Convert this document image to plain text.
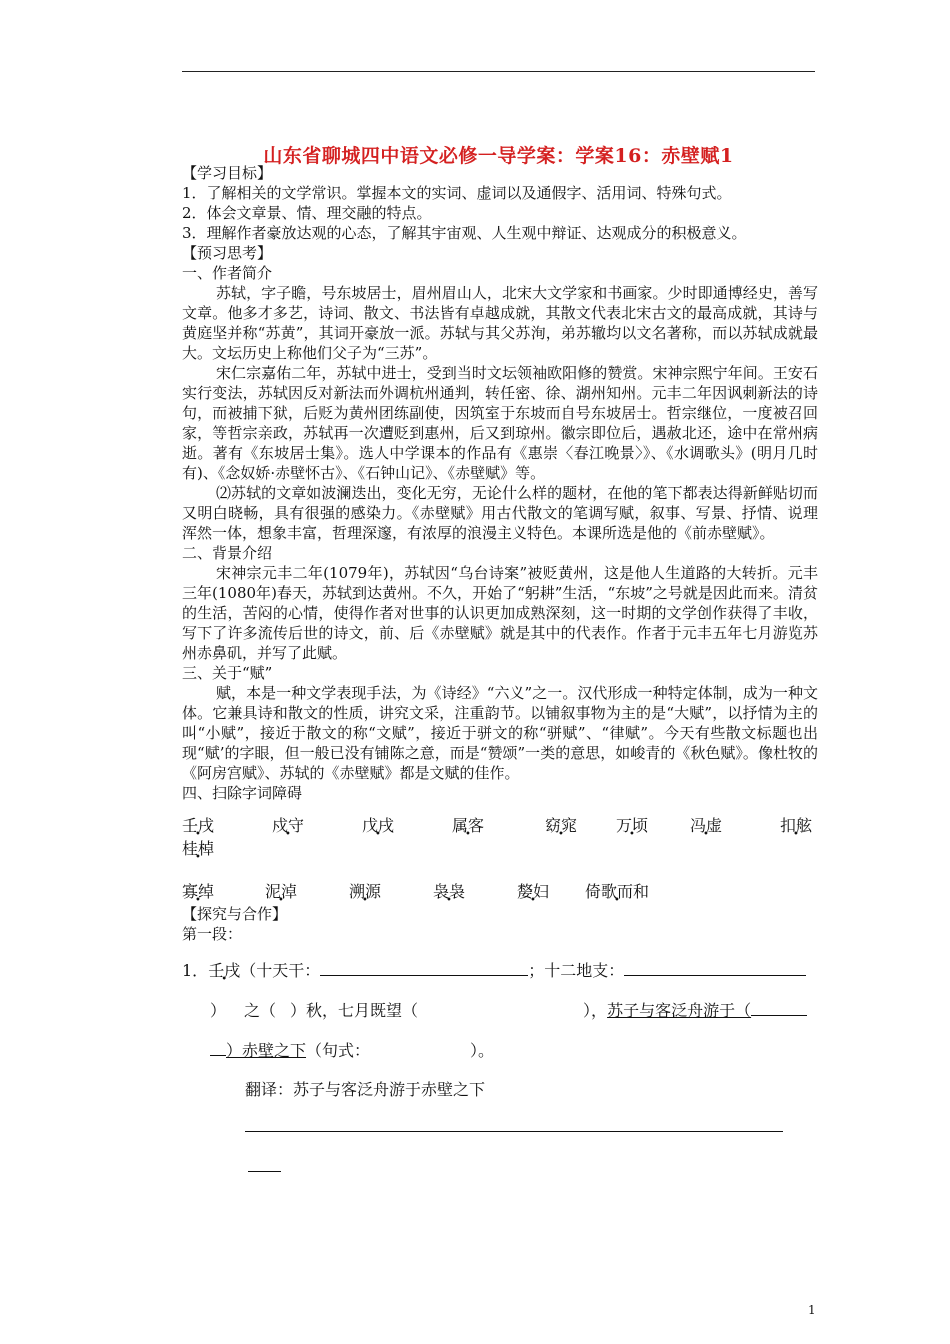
山东省聊城四中语文必修一导学案：学案16：赤壁赋1

【学习目标】

1．了解相关的文学常识。掌握本文的实词、虚词以及通假字、活用词、特殊句式。

2．体会文章景、情、理交融的特点。

3．理解作者豪放达观的心态，了解其宇宙观、人生观中辩证、达观成分的积极意义。

【预习思考】

一、作者简介

苏轼，字子瞻，号东坡居士，眉州眉山人，北宋大文学家和书画家。少时即通博经史，善写文章。他多才多艺，诗词、散文、书法皆有卓越成就，其散文代表北宋古文的最高成就，其诗与黄庭坚并称“苏黄”，其词开豪放一派。苏轼与其父苏洵，弟苏辙均以文名著称，而以苏轼成就最大。文坛历史上称他们父子为“三苏”。

宋仁宗嘉佑二年，苏轼中进士，受到当时文坛领袖欧阳修的赞赏。宋神宗熙宁年间。王安石实行变法，苏轼因反对新法而外调杭州通判，转任密、徐、湖州知州。元丰二年因讽刺新法的诗句，而被捕下狱，后贬为黄州团练副使，因筑室于东坡而自号东坡居士。哲宗继位，一度被召回家，等哲宗亲政，苏轼再一次遭贬到惠州，后又到琼州。徽宗即位后，遇赦北还，途中在常州病逝。著有《东坡居士集》。选人中学课本的作品有《惠崇〈春江晚景〉》、《水调歌头》(明月几时有)、《念奴娇·赤壁怀古》、《石钟山记》、《赤壁赋》等。

⑵苏轼的文章如波澜迭出，变化无穷，无论什么样的题材，在他的笔下都表达得新鲜贴切而又明白晓畅，具有很强的感染力。《赤壁赋》用古代散文的笔调写赋，叙事、写景、抒情、说理浑然一体，想象丰富，哲理深邃，有浓厚的浪漫主义特色。本课所选是他的《前赤壁赋》。

二、背景介绍

宋神宗元丰二年(1079年)，苏轼因“乌台诗案”被贬黄州，这是他人生道路的大转折。元丰三年(1080年)春天，苏轼到达黄州。不久，开始了“躬耕”生活，“东坡”之号就是因此而来。清贫的生活，苦闷的心情，使得作者对世事的认识更加成熟深刻，这一时期的文学创作获得了丰收，写下了许多流传后世的诗文，前、后《赤壁赋》就是其中的代表作。作者于元丰五年七月游览苏州赤鼻矶，并写了此赋。

三、关于“赋”

赋，本是一种文学表现手法，为《诗经》“六义”之一。汉代形成一种特定体制，成为一种文体。它兼具诗和散文的性质，讲究文采，注重韵节。以铺叙事物为主的是“大赋”，以抒情为主的叫“小赋”，接近于散文的称“文赋”，接近于骈文的称“骈赋”、“律赋”。今天有些散文标题也出现“赋’的字眼，但一般已没有铺陈之意，而是“赞颂”一类的意思，如峻青的《秋色赋》。像杜牧的《阿房宫赋》、苏轼的《赤壁赋》都是文赋的佳作。

四、扫除字词障碍

壬戌	戍守	戊戌	属客	窈窕 万顷	冯虚	扣舷
桂棹
寡绰	泥淖	溯源	袅袅	嫠妇 倚歌而和
【探究与合作】
第一段：
1．壬戌（十天干：	；十二地支：
） 之（ ）秋，七月既望（	），苏子与客泛舟游于（
）赤壁之下（句式：	）。
翻译：苏子与客泛舟游于赤壁之下
1
